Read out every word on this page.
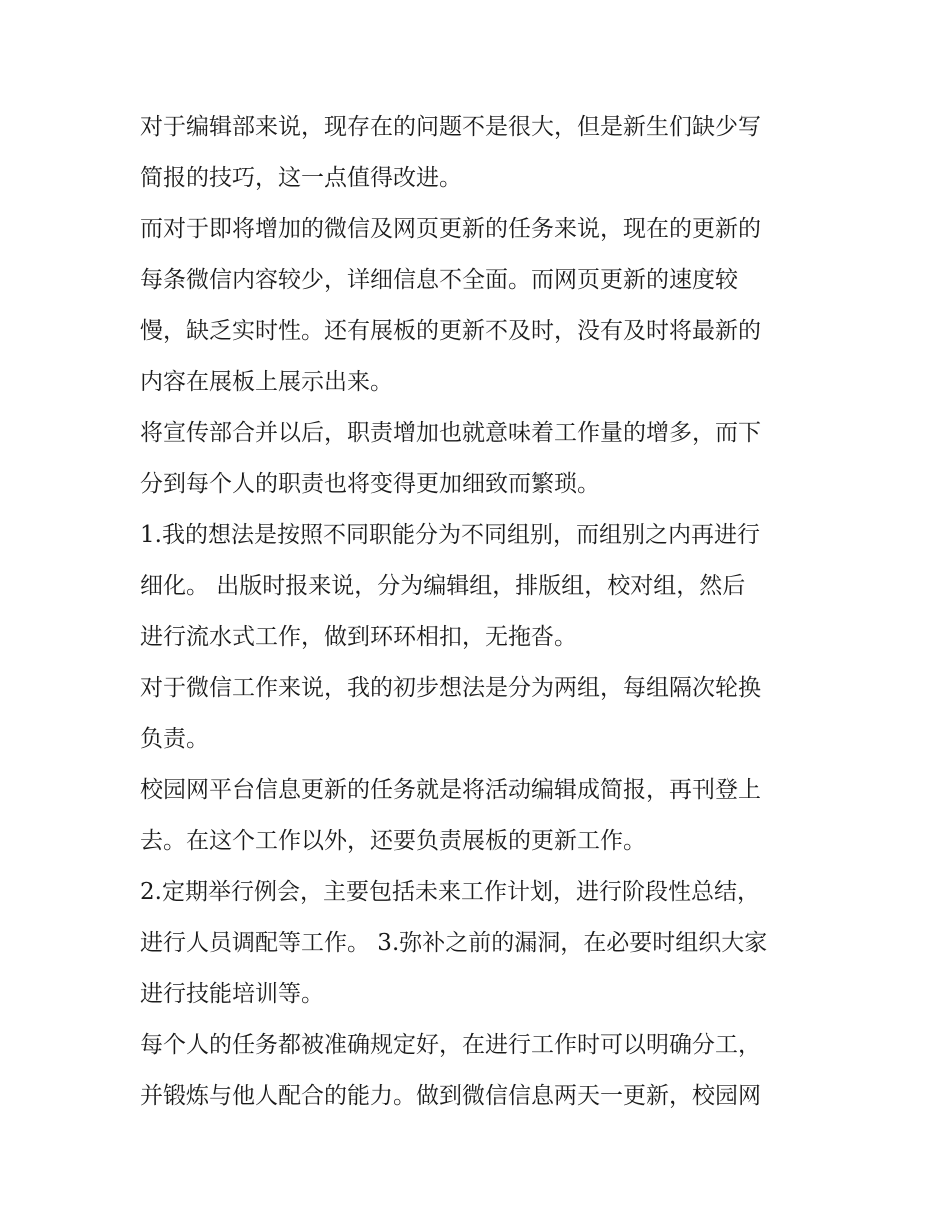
对于编辑部来说，现存在的问题不是很大，但是新生们缺少写
简报的技巧，这一点值得改进。

而对于即将增加的微信及网页更新的任务来说，现在的更新的
每条微信内容较少，详细信息不全面。而网页更新的速度较
慢，缺乏实时性。还有展板的更新不及时，没有及时将最新的
内容在展板上展示出来。

将宣传部合并以后，职责增加也就意味着工作量的增多，而下
分到每个人的职责也将变得更加细致而繁琐。

1.我的想法是按照不同职能分为不同组别，而组别之内再进行
细化。 出版时报来说，分为编辑组，排版组，校对组，然后
进行流水式工作，做到环环相扣，无拖沓。

对于微信工作来说，我的初步想法是分为两组，每组隔次轮换
负责。

校园网平台信息更新的任务就是将活动编辑成简报，再刊登上
去。在这个工作以外，还要负责展板的更新工作。

2.定期举行例会，主要包括未来工作计划，进行阶段性总结，
进行人员调配等工作。 3.弥补之前的漏洞，在必要时组织大家
进行技能培训等。

每个人的任务都被准确规定好，在进行工作时可以明确分工，
并锻炼与他人配合的能力。做到微信信息两天一更新，校园网
